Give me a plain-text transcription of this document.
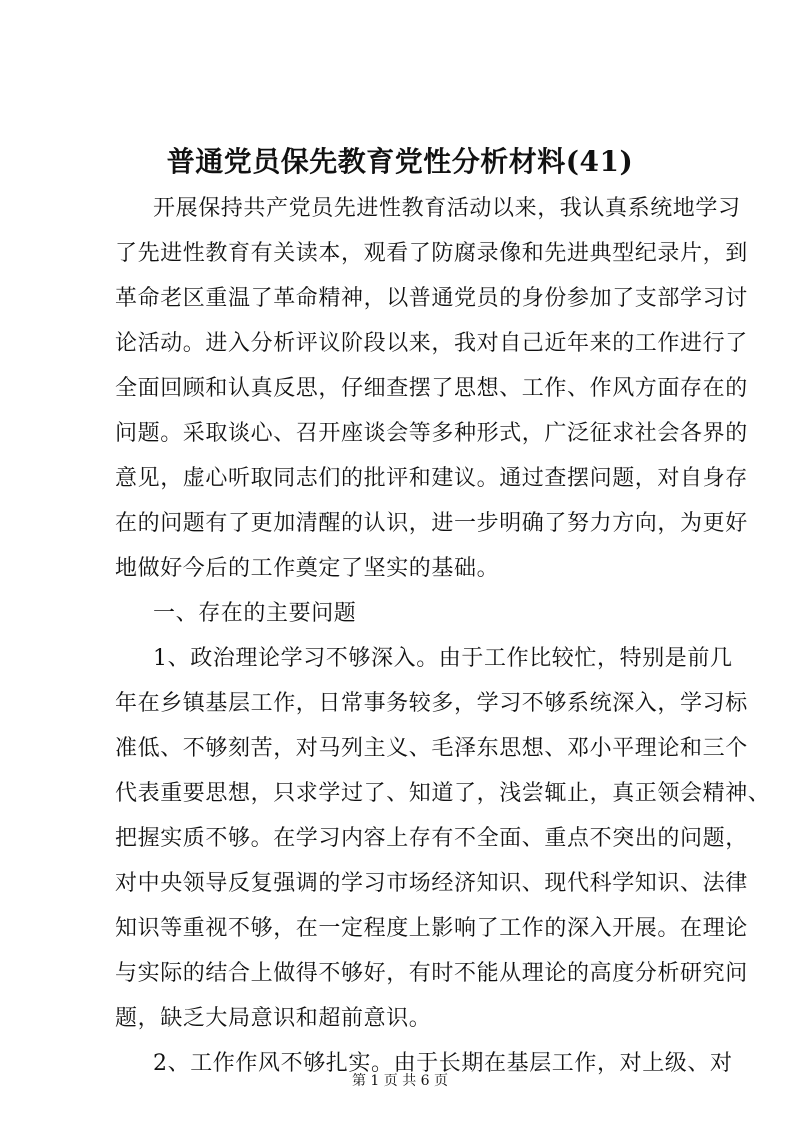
普通党员保先教育党性分析材料(41)
开展保持共产党员先进性教育活动以来，我认真系统地学习
了先进性教育有关读本，观看了防腐录像和先进典型纪录片，到
革命老区重温了革命精神，以普通党员的身份参加了支部学习讨
论活动。进入分析评议阶段以来，我对自己近年来的工作进行了
全面回顾和认真反思，仔细查摆了思想、工作、作风方面存在的
问题。采取谈心、召开座谈会等多种形式，广泛征求社会各界的
意见，虚心听取同志们的批评和建议。通过查摆问题，对自身存
在的问题有了更加清醒的认识，进一步明确了努力方向，为更好
地做好今后的工作奠定了坚实的基础。
一、存在的主要问题
1、政治理论学习不够深入。由于工作比较忙，特别是前几
年在乡镇基层工作，日常事务较多，学习不够系统深入，学习标
准低、不够刻苦，对马列主义、毛泽东思想、邓小平理论和三个
代表重要思想，只求学过了、知道了，浅尝辄止，真正领会精神、
把握实质不够。在学习内容上存有不全面、重点不突出的问题，
对中央领导反复强调的学习市场经济知识、现代科学知识、法律
知识等重视不够，在一定程度上影响了工作的深入开展。在理论
与实际的结合上做得不够好，有时不能从理论的高度分析研究问
题，缺乏大局意识和超前意识。
2、工作作风不够扎实。由于长期在基层工作，对上级、对
第 1 页 共 6 页
